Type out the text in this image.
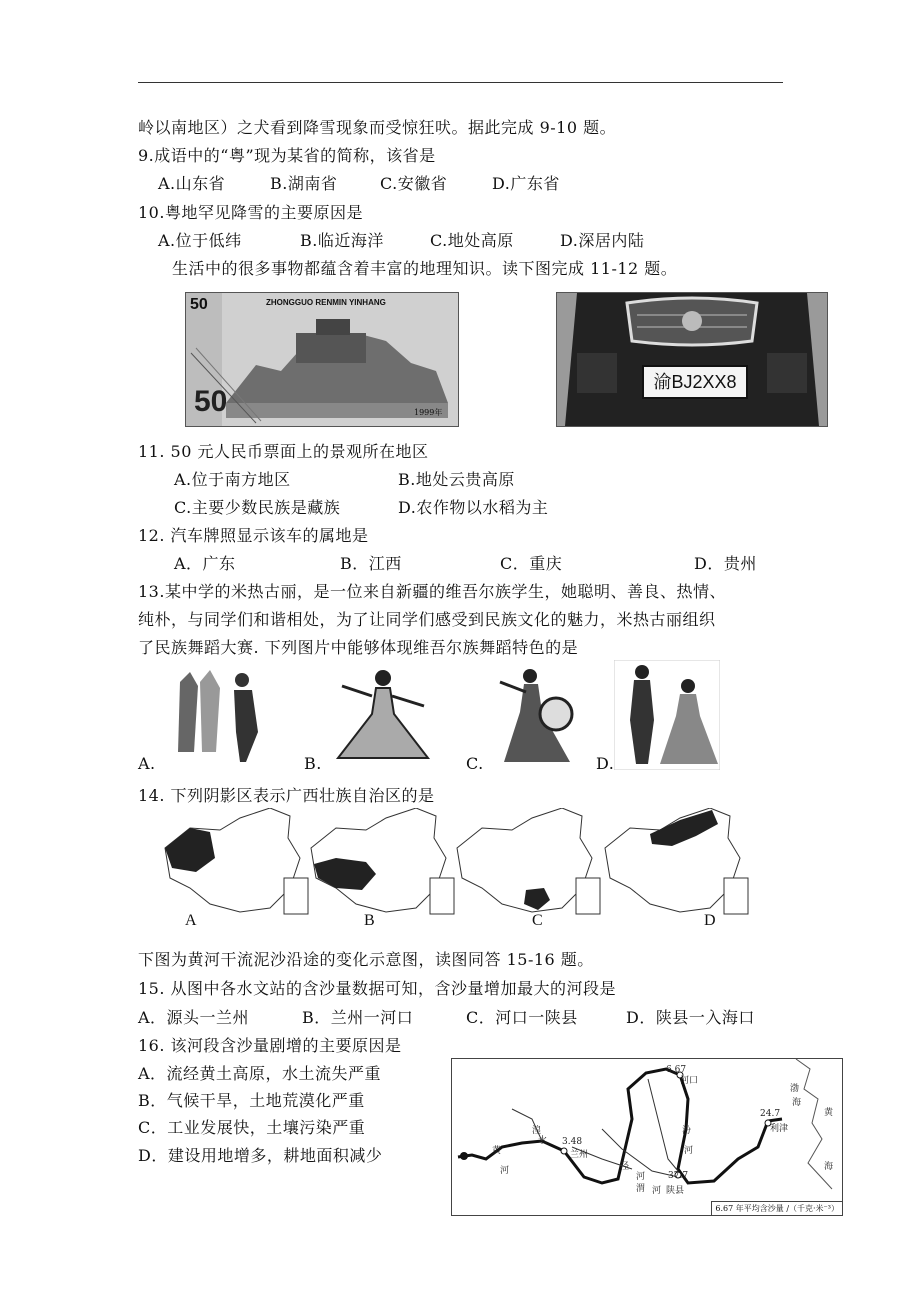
岭以南地区）之犬看到降雪现象而受惊狂吠。据此完成 9-10 题。
9.成语中的“粤”现为某省的简称，该省是
A.山东省	B.湖南省	C.安徽省	D.广东省
10.粤地罕见降雪的主要原因是
A.位于低纬	B.临近海洋	C.地处高原	D.深居内陆
生活中的很多事物都蕴含着丰富的地理知识。读下图完成 11-12 题。
ZHONGGUO RENMIN YINHANG
50
50	1999年
渝BJ2XX8
11. 50 元人民币票面上的景观所在地区
A.位于南方地区	B.地处云贵高原
C.主要少数民族是藏族	D.农作物以水稻为主
12. 汽车牌照显示该车的属地是
A．广东	B．江西	C．重庆	D．贵州
13.某中学的米热古丽，是一位来自新疆的维吾尔族学生，她聪明、善良、热情、
纯朴，与同学们和谐相处，为了让同学们感受到民族文化的魅力，米热古丽组织
了民族舞蹈大赛. 下列图片中能够体现维吾尔族舞蹈特色的是
A.	B.	C.	D.
14. 下列阴影区表示广西壮族自治区的是
A	B	C	D
下图为黄河干流泥沙沿途的变化示意图，读图同答 15-16 题。
15. 从图中各水文站的含沙量数据可知，含沙量增加最大的河段是
A．源头一兰州	B．兰州一河口	C．河口一陕县	D．陕县一入海口
16. 该河段含沙量剧增的主要原因是
A．流经黄土高原，水土流失严重
B．气候干旱，土地荒漠化严重
C．工业发展快，土壤污染严重
D．建设用地增多，耕地面积减少
6.67
河口
3.48
兰州
37.7
陕县
24.7
利津
渤
海
黄
海
黄
河
汾
河
泾
河
渭 河
湟
水
6.67 年平均含沙量 /（千克·米⁻³）
